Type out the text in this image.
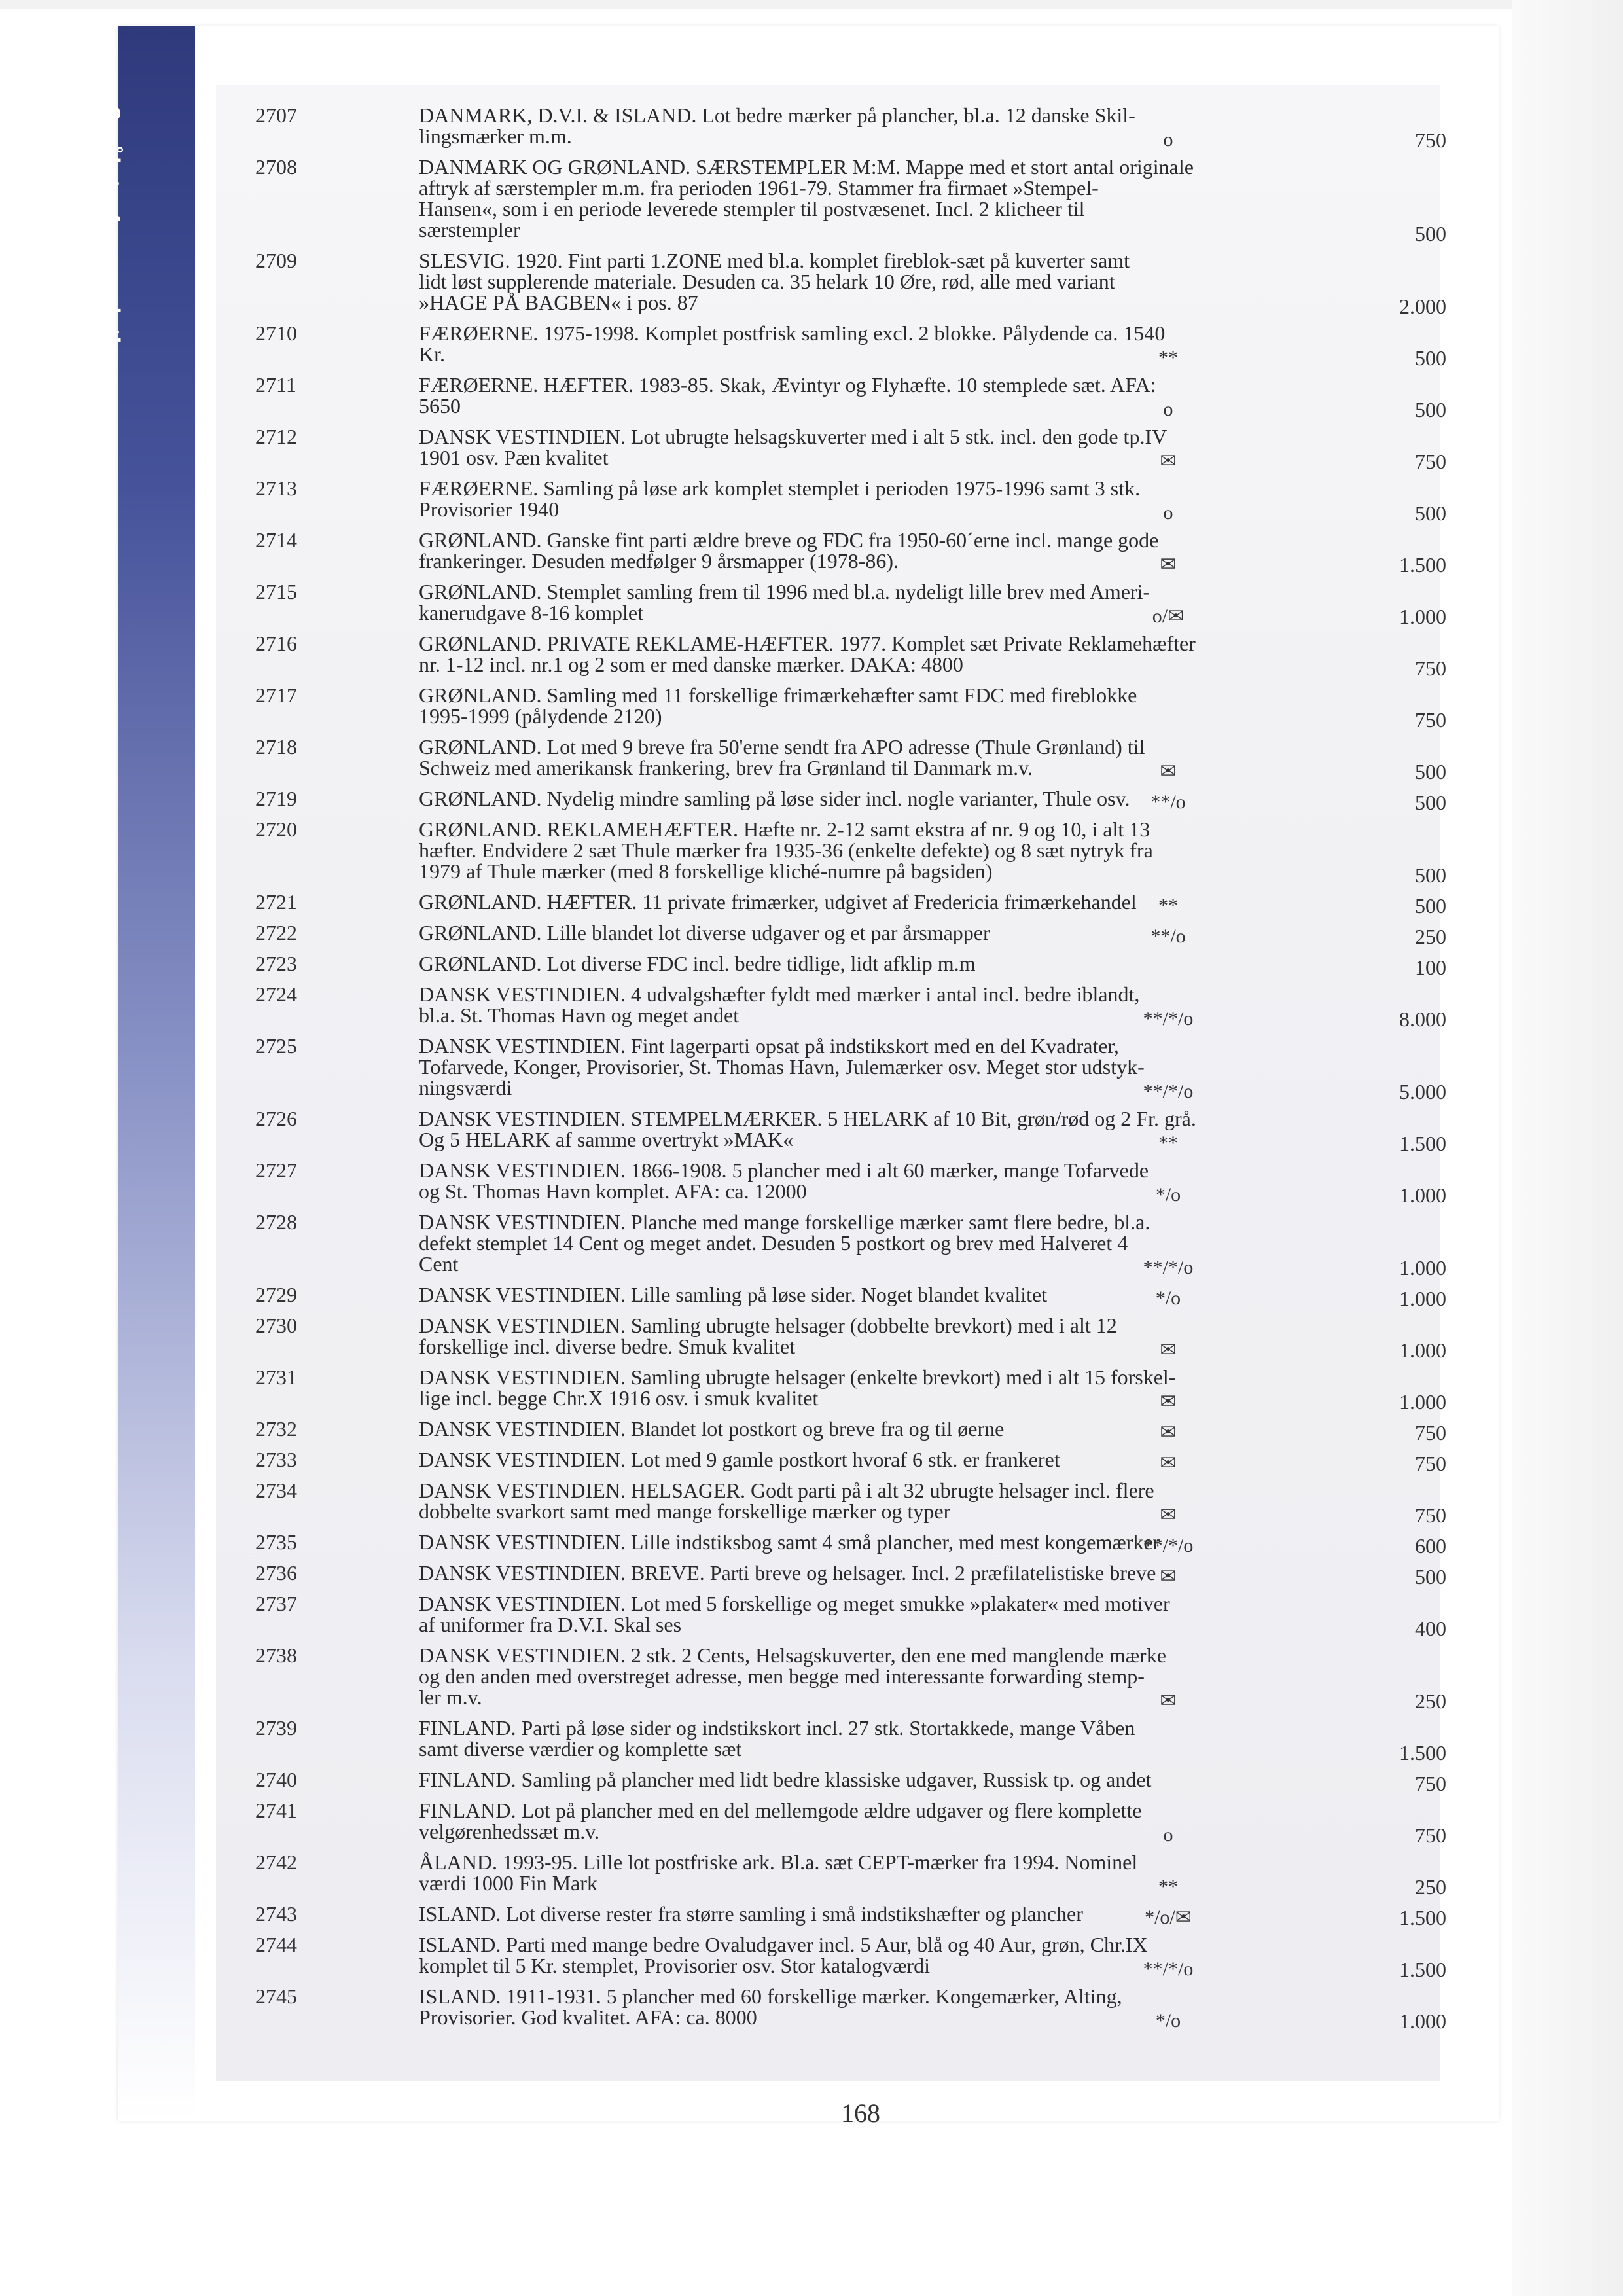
Smålot • Accumulations	2707	DANMARK, D.V.I. & ISLAND. Lot bedre mærker på plancher, bl.a. 12 danske Skil-
lingsmærker m.m.	o	750
2708	DANMARK OG GRØNLAND. SÆRSTEMPLER M:M. Mappe med et stort antal originale
aftryk af særstempler m.m. fra perioden 1961-79. Stammer fra firmaet »Stempel-
Hansen«, som i en periode leverede stempler til postvæsenet. Incl. 2 klicheer til
særstempler	500
2709	SLESVIG. 1920. Fint parti 1.ZONE med bl.a. komplet fireblok-sæt på kuverter samt
lidt løst supplerende materiale. Desuden ca. 35 helark 10 Øre, rød, alle med variant
»HAGE PÅ BAGBEN« i pos. 87	2.000
2710	FÆRØERNE. 1975-1998. Komplet postfrisk samling excl. 2 blokke. Pålydende ca. 1540
Kr.	**	500
2711	FÆRØERNE. HÆFTER. 1983-85. Skak, Ævintyr og Flyhæfte. 10 stemplede sæt. AFA:
5650	o	500
2712	DANSK VESTINDIEN. Lot ubrugte helsagskuverter med i alt 5 stk. incl. den gode tp.IV
1901 osv. Pæn kvalitet	✉	750
2713	FÆRØERNE. Samling på løse ark komplet stemplet i perioden 1975-1996 samt 3 stk.
Provisorier 1940	o	500
2714	GRØNLAND. Ganske fint parti ældre breve og FDC fra 1950-60´erne incl. mange gode
frankeringer. Desuden medfølger 9 årsmapper (1978-86).	✉	1.500
2715	GRØNLAND. Stemplet samling frem til 1996 med bl.a. nydeligt lille brev med Ameri-
kanerudgave 8-16 komplet	o/✉	1.000
2716	GRØNLAND. PRIVATE REKLAME-HÆFTER. 1977. Komplet sæt Private Reklamehæfter
nr. 1-12 incl. nr.1 og 2 som er med danske mærker. DAKA: 4800	750
2717	GRØNLAND. Samling med 11 forskellige frimærkehæfter samt FDC med fireblokke
1995-1999 (pålydende 2120)	750
2718	GRØNLAND. Lot med 9 breve fra 50'erne sendt fra APO adresse (Thule Grønland) til
Schweiz med amerikansk frankering, brev fra Grønland til Danmark m.v.	✉	500
2719	GRØNLAND. Nydelig mindre samling på løse sider incl. nogle varianter, Thule osv.	**/o	500
2720	GRØNLAND. REKLAMEHÆFTER. Hæfte nr. 2-12 samt ekstra af nr. 9 og 10, i alt 13
hæfter. Endvidere 2 sæt Thule mærker fra 1935-36 (enkelte defekte) og 8 sæt nytryk fra
1979 af Thule mærker (med 8 forskellige kliché-numre på bagsiden)	500
2721	GRØNLAND. HÆFTER. 11 private frimærker, udgivet af Fredericia frimærkehandel	**	500
2722	GRØNLAND. Lille blandet lot diverse udgaver og et par årsmapper	**/o	250
2723	GRØNLAND. Lot diverse FDC incl. bedre tidlige, lidt afklip m.m	100
2724	DANSK VESTINDIEN. 4 udvalgshæfter fyldt med mærker i antal incl. bedre iblandt,
bl.a. St. Thomas Havn og meget andet	**/*/o	8.000
2725	DANSK VESTINDIEN. Fint lagerparti opsat på indstikskort med en del Kvadrater,
Tofarvede, Konger, Provisorier, St. Thomas Havn, Julemærker osv. Meget stor udstyk-
ningsværdi	**/*/o	5.000
2726	DANSK VESTINDIEN. STEMPELMÆRKER. 5 HELARK af 10 Bit, grøn/rød og 2 Fr. grå.
Og 5 HELARK af samme overtrykt »MAK«	**	1.500
2727	DANSK VESTINDIEN. 1866-1908. 5 plancher med i alt 60 mærker, mange Tofarvede
og St. Thomas Havn komplet. AFA: ca. 12000	*/o	1.000
2728	DANSK VESTINDIEN. Planche med mange forskellige mærker samt flere bedre, bl.a.
defekt stemplet 14 Cent og meget andet. Desuden 5 postkort og brev med Halveret 4
Cent	**/*/o	1.000
2729	DANSK VESTINDIEN. Lille samling på løse sider. Noget blandet kvalitet	*/o	1.000
2730	DANSK VESTINDIEN. Samling ubrugte helsager (dobbelte brevkort) med i alt 12
forskellige incl. diverse bedre. Smuk kvalitet	✉	1.000
2731	DANSK VESTINDIEN. Samling ubrugte helsager (enkelte brevkort) med i alt 15 forskel-
lige incl. begge Chr.X 1916 osv. i smuk kvalitet	✉	1.000
2732	DANSK VESTINDIEN. Blandet lot postkort og breve fra og til øerne	✉	750
2733	DANSK VESTINDIEN. Lot med 9 gamle postkort hvoraf 6 stk. er frankeret	✉	750
2734	DANSK VESTINDIEN. HELSAGER. Godt parti på i alt 32 ubrugte helsager incl. flere
dobbelte svarkort samt med mange forskellige mærker og typer	✉	750
2735	DANSK VESTINDIEN. Lille indstiksbog samt 4 små plancher, med mest kongemærker
**/*/o	600
2736	DANSK VESTINDIEN. BREVE. Parti breve og helsager. Incl. 2 præfilatelistiske breve ✉	500
2737	DANSK VESTINDIEN. Lot med 5 forskellige og meget smukke »plakater« med motiver
af uniformer fra D.V.I. Skal ses	400
2738	DANSK VESTINDIEN. 2 stk. 2 Cents, Helsagskuverter, den ene med manglende mærke
og den anden med overstreget adresse, men begge med interessante forwarding stemp-
ler m.v.	✉	250
2739	FINLAND. Parti på løse sider og indstikskort incl. 27 stk. Stortakkede, mange Våben
samt diverse værdier og komplette sæt	1.500
2740	FINLAND. Samling på plancher med lidt bedre klassiske udgaver, Russisk tp. og andet	750
2741	FINLAND. Lot på plancher med en del mellemgode ældre udgaver og flere komplette
velgørenhedssæt m.v.	o	750
2742	ÅLAND. 1993-95. Lille lot postfriske ark. Bl.a. sæt CEPT-mærker fra 1994. Nominel
værdi 1000 Fin Mark	**	250
2743	ISLAND. Lot diverse rester fra større samling i små indstikshæfter og plancher	*/o/✉	1.500
2744	ISLAND. Parti med mange bedre Ovaludgaver incl. 5 Aur, blå og 40 Aur, grøn, Chr.IX
komplet til 5 Kr. stemplet, Provisorier osv. Stor katalogværdi	**/*/o	1.500
2745	ISLAND. 1911-1931. 5 plancher med 60 forskellige mærker. Kongemærker, Alting,
Provisorier. God kvalitet. AFA: ca. 8000	*/o	1.000
168
